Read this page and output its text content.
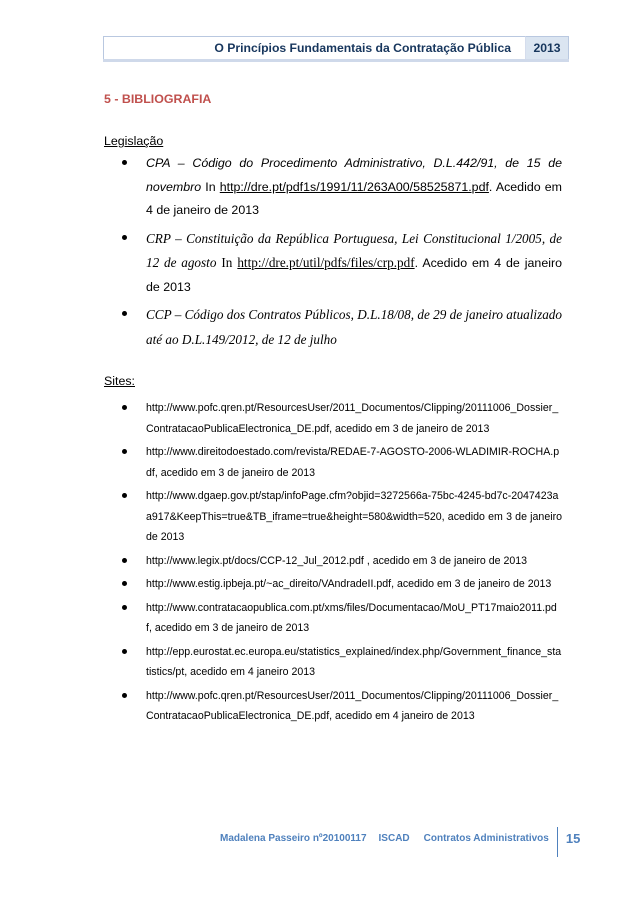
O Princípios Fundamentais da Contratação Pública 2013
5 - BIBLIOGRAFIA
Legislação
CPA – Código do Procedimento Administrativo, D.L.442/91, de 15 de novembro In http://dre.pt/pdf1s/1991/11/263A00/58525871.pdf. Acedido em 4 de janeiro de 2013
CRP – Constituição da República Portuguesa, Lei Constitucional 1/2005, de 12 de agosto In http://dre.pt/util/pdfs/files/crp.pdf. Acedido em 4 de janeiro de 2013
CCP – Código dos Contratos Públicos, D.L.18/08, de 29 de janeiro atualizado até ao D.L.149/2012, de 12 de julho
Sites:
http://www.pofc.qren.pt/ResourcesUser/2011_Documentos/Clipping/20111006_Dossier_ContratacaoPublicaElectronica_DE.pdf, acedido em 3 de janeiro de 2013
http://www.direitodoestado.com/revista/REDAE-7-AGOSTO-2006-WLADIMIR-ROCHA.pdf, acedido em 3 de janeiro de 2013
http://www.dgaep.gov.pt/stap/infoPage.cfm?objid=3272566a-75bc-4245-bd7c-2047423aa917&KeepThis=true&TB_iframe=true&height=580&width=520, acedido em 3 de janeiro de 2013
http://www.legix.pt/docs/CCP-12_Jul_2012.pdf , acedido em 3 de janeiro de 2013
http://www.estig.ipbeja.pt/~ac_direito/VAndradeII.pdf, acedido em 3 de janeiro de 2013
http://www.contratacaopublica.com.pt/xms/files/Documentacao/MoU_PT17maio2011.pdf, acedido em 3 de janeiro de 2013
http://epp.eurostat.ec.europa.eu/statistics_explained/index.php/Government_finance_statistics/pt, acedido em 4 janeiro 2013
http://www.pofc.qren.pt/ResourcesUser/2011_Documentos/Clipping/20111006_Dossier_ContratacaoPublicaElectronica_DE.pdf, acedido em 4 janeiro de 2013
Madalena Passeiro nº20100117 ISCAD Contratos Administrativos 15
